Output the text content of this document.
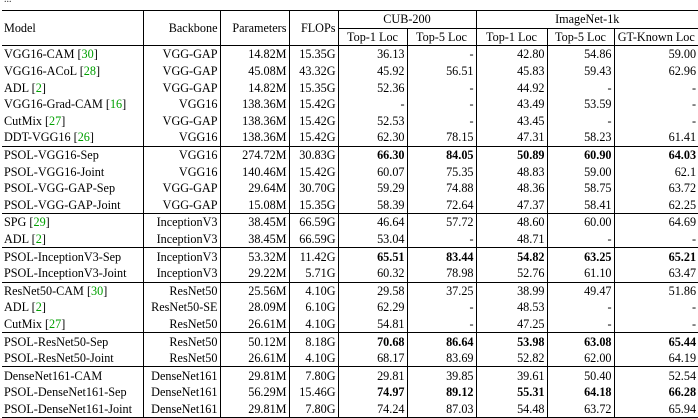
Model	Backbone	Parameters	FLOPs	CUB-200		ImageNet-1k		
				Top-1 Loc	Top-5 Loc	Top-1 Loc	Top-5 Loc	GT-Known Loc
VGG16-CAM [30]	VGG-GAP	14.82M	15.35G	36.13	-	42.80	54.86	59.00
VGG16-ACoL [28]	VGG-GAP	45.08M	43.32G	45.92	56.51	45.83	59.43	62.96
ADL [2]	VGG-GAP	14.82M	15.35G	52.36	-	44.92	-	-
VGG16-Grad-CAM [16]	VGG16	138.36M	15.42G	-	-	43.49	53.59	-
CutMix [27]	VGG-GAP	138.36M	15.42G	52.53	-	43.45	-	-
DDT-VGG16 [26]	VGG16	138.36M	15.42G	62.30	78.15	47.31	58.23	61.41
PSOL-VGG16-Sep	VGG16	274.72M	30.83G	66.30	84.05	50.89	60.90	64.03
PSOL-VGG16-Joint	VGG16	140.46M	15.42G	60.07	75.35	48.83	59.00	62.1
PSOL-VGG-GAP-Sep	VGG-GAP	29.64M	30.70G	59.29	74.88	48.36	58.75	63.72
PSOL-VGG-GAP-Joint	VGG-GAP	15.08M	15.35G	58.39	72.64	47.37	58.41	62.25
SPG [29]	InceptionV3	38.45M	66.59G	46.64	57.72	48.60	60.00	64.69
ADL [2]	InceptionV3	38.45M	66.59G	53.04	-	48.71	-	-
PSOL-InceptionV3-Sep	InceptionV3	53.32M	11.42G	65.51	83.44	54.82	63.25	65.21
PSOL-InceptionV3-Joint	InceptionV3	29.22M	5.71G	60.32	78.98	52.76	61.10	63.47
ResNet50-CAM [30]	ResNet50	25.56M	4.10G	29.58	37.25	38.99	49.47	51.86
ADL [2]	ResNet50-SE	28.09M	6.10G	62.29	-	48.53	-	-
CutMix [27]	ResNet50	26.61M	4.10G	54.81	-	47.25	-	-
PSOL-ResNet50-Sep	ResNet50	50.12M	8.18G	70.68	86.64	53.98	63.08	65.44
PSOL-ResNet50-Joint	ResNet50	26.61M	4.10G	68.17	83.69	52.82	62.00	64.19
DenseNet161-CAM	DenseNet161	29.81M	7.80G	29.81	39.85	39.61	50.40	52.54
PSOL-DenseNet161-Sep	DenseNet161	56.29M	15.46G	74.97	89.12	55.31	64.18	66.28
PSOL-DenseNet161-Joint	DenseNet161	29.81M	7.80G	74.24	87.03	54.48	63.72	65.94
